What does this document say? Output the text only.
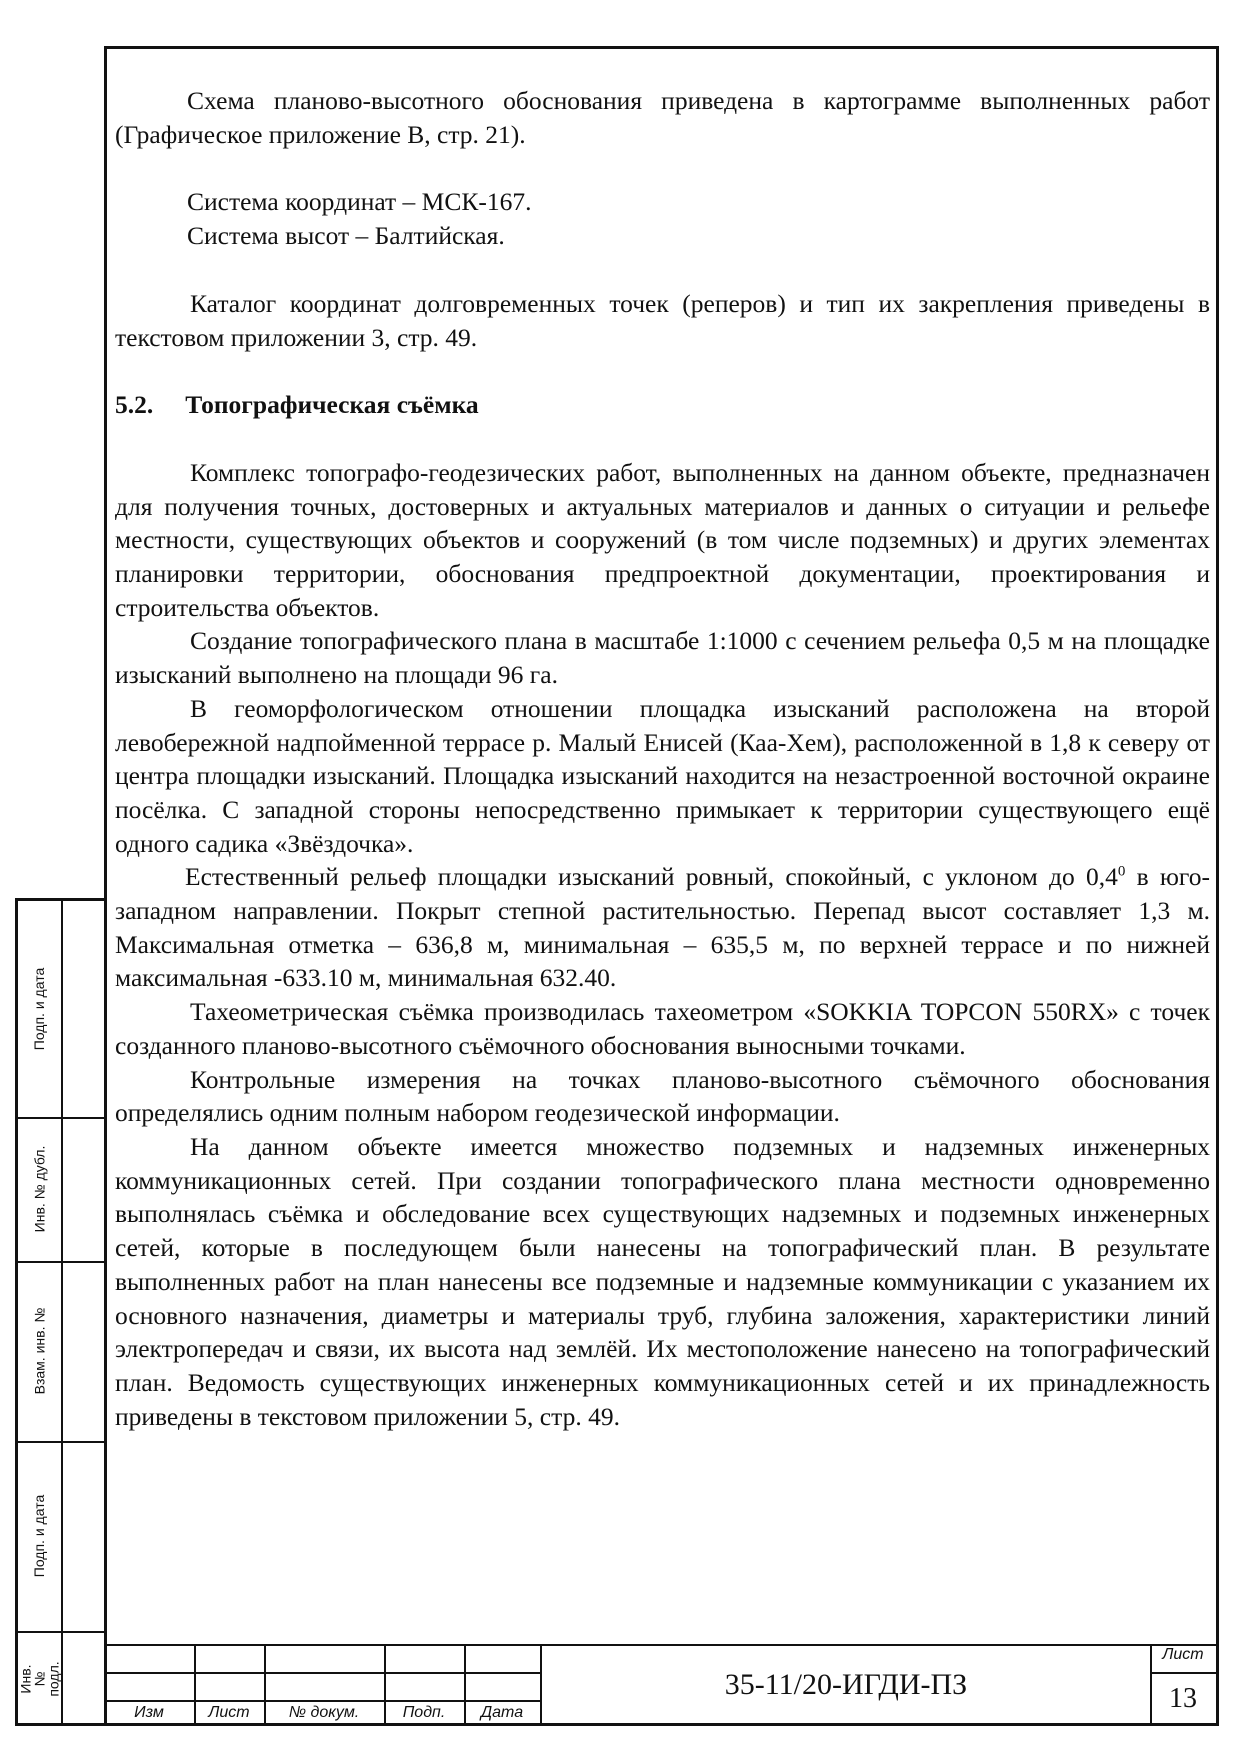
Подп. и дата
Инв. № дубл.
Взам. инв. №
Подп. и дата
Инв. № подл.

Схема планово-высотного обоснования приведена в картограмме выполненных работ (Графическое приложение В, стр. 21).

Система координат – МСК-167.

Система высот – Балтийская.

Каталог координат долговременных точек (реперов) и тип их закрепления приведены в текстовом приложении 3, стр. 49.

5.2. Топографическая съёмка

Комплекс топографо-геодезических работ, выполненных на данном объекте, предназначен для получения точных, достоверных и актуальных материалов и данных о ситуации и рельефе местности, существующих объектов и сооружений (в том числе подземных) и других элементах планировки территории, обоснования предпроектной документации, проектирования и строительства объектов.

Создание топографического плана в масштабе 1:1000 с сечением рельефа 0,5 м на площадке изысканий выполнено на площади 96 га.

В геоморфологическом отношении площадка изысканий расположена на второй левобережной надпойменной террасе р. Малый Енисей (Каа-Хем), расположенной в 1,8 к северу от центра площадки изысканий. Площадка изысканий находится на незастроенной восточной окраине посёлка. С западной стороны непосредственно примыкает к территории существующего ещё одного садика «Звёздочка».

Естественный рельеф площадки изысканий ровный, спокойный, с уклоном до $0,4^0$ в юго-западном направлении. Покрыт степной растительностью. Перепад высот составляет 1,3 м. Максимальная отметка – 636,8 м, минимальная – 635,5 м, по верхней террасе и по нижней максимальная -633.10 м, минимальная 632.40.

Тахеометрическая съёмка производилась тахеометром «SOKKIA TOPCON 550RX» с точек созданного планово-высотного съёмочного обоснования выносными точками.

Контрольные измерения на точках планово-высотного съёмочного обоснования определялись одним полным набором геодезической информации.

На данном объекте имеется множество подземных и надземных инженерных коммуникационных сетей. При создании топографического плана местности одновременно выполнялась съёмка и обследование всех существующих надземных и подземных инженерных сетей, которые в последующем были нанесены на топографический план. В результате выполненных работ на план нанесены все подземные и надземные коммуникации с указанием их основного назначения, диаметры и материалы труб, глубина заложения, характеристики линий электропередач и связи, их высота над землёй. Их местоположение нанесено на топографический план. Ведомость существующих инженерных коммуникационных сетей и их принадлежность приведены в текстовом приложении 5, стр. 49.

Изм	Лист	№ докум.	Подп.	Дата
35-11/20-ИГДИ-ПЗ
Лист
13
